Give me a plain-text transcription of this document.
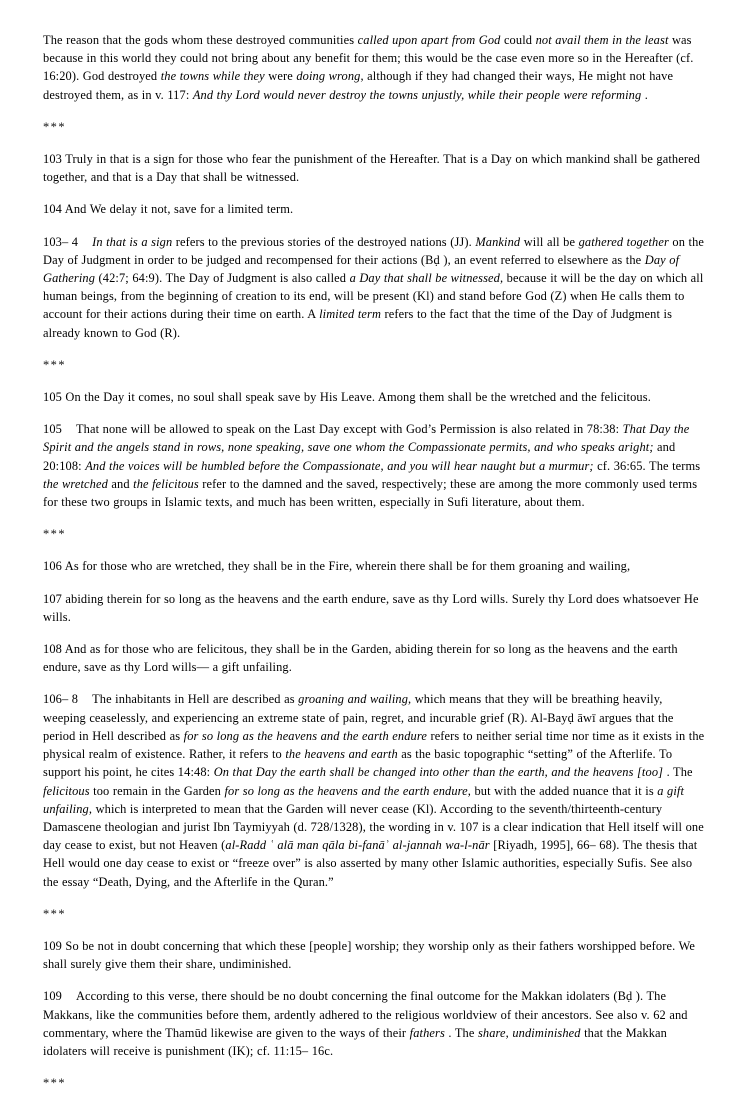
The reason that the gods whom these destroyed communities called upon apart from God could not avail them in the least was because in this world they could not bring about any benefit for them; this would be the case even more so in the Hereafter (cf. 16:20). God destroyed the towns while they were doing wrong, although if they had changed their ways, He might not have destroyed them, as in v. 117: And thy Lord would never destroy the towns unjustly, while their people were reforming .

***

103 Truly in that is a sign for those who fear the punishment of the Hereafter. That is a Day on which mankind shall be gathered together, and that is a Day that shall be witnessed.

104 And We delay it not, save for a limited term.

103– 4 In that is a sign refers to the previous stories of the destroyed nations (JJ). Mankind will all be gathered together on the Day of Judgment in order to be judged and recompensed for their actions (Bḍ ), an event referred to elsewhere as the Day of Gathering (42:7; 64:9). The Day of Judgment is also called a Day that shall be witnessed, because it will be the day on which all human beings, from the beginning of creation to its end, will be present (Kl) and stand before God (Z) when He calls them to account for their actions during their time on earth. A limited term refers to the fact that the time of the Day of Judgment is already known to God (R).

***

105 On the Day it comes, no soul shall speak save by His Leave. Among them shall be the wretched and the felicitous.

105 That none will be allowed to speak on the Last Day except with God’s Permission is also related in 78:38: That Day the Spirit and the angels stand in rows, none speaking, save one whom the Compassionate permits, and who speaks aright; and 20:108: And the voices will be humbled before the Compassionate, and you will hear naught but a murmur; cf. 36:65. The terms the wretched and the felicitous refer to the damned and the saved, respectively; these are among the more commonly used terms for these two groups in Islamic texts, and much has been written, especially in Sufi literature, about them.

***

106 As for those who are wretched, they shall be in the Fire, wherein there shall be for them groaning and wailing,

107 abiding therein for so long as the heavens and the earth endure, save as thy Lord wills. Surely thy Lord does whatsoever He wills.

108 And as for those who are felicitous, they shall be in the Garden, abiding therein for so long as the heavens and the earth endure, save as thy Lord wills— a gift unfailing.

106– 8 The inhabitants in Hell are described as groaning and wailing, which means that they will be breathing heavily, weeping ceaselessly, and experiencing an extreme state of pain, regret, and incurable grief (R). Al-Bayḍ āwī argues that the period in Hell described as for so long as the heavens and the earth endure refers to neither serial time nor time as it exists in the physical realm of existence. Rather, it refers to the heavens and earth as the basic topographic “setting” of the Afterlife. To support his point, he cites 14:48: On that Day the earth shall be changed into other than the earth, and the heavens [too] . The felicitous too remain in the Garden for so long as the heavens and the earth endure, but with the added nuance that it is a gift unfailing, which is interpreted to mean that the Garden will never cease (Kl). According to the seventh/thirteenth-century Damascene theologian and jurist Ibn Taymiyyah (d. 728/1328), the wording in v. 107 is a clear indication that Hell itself will one day cease to exist, but not Heaven (al-Radd ʿ alā man qāla bi-fanāʾ al-jannah wa-l-nār [Riyadh, 1995], 66– 68). The thesis that Hell would one day cease to exist or “freeze over” is also asserted by many other Islamic authorities, especially Sufis. See also the essay “Death, Dying, and the Afterlife in the Quran.”

***

109 So be not in doubt concerning that which these [people] worship; they worship only as their fathers worshipped before. We shall surely give them their share, undiminished.

109 According to this verse, there should be no doubt concerning the final outcome for the Makkan idolaters (Bḍ ). The Makkans, like the communities before them, ardently adhered to the religious worldview of their ancestors. See also v. 62 and commentary, where the Thamūd likewise are given to the ways of their fathers . The share, undiminished that the Makkan idolaters will receive is punishment (IK); cf. 11:15– 16c.

***
